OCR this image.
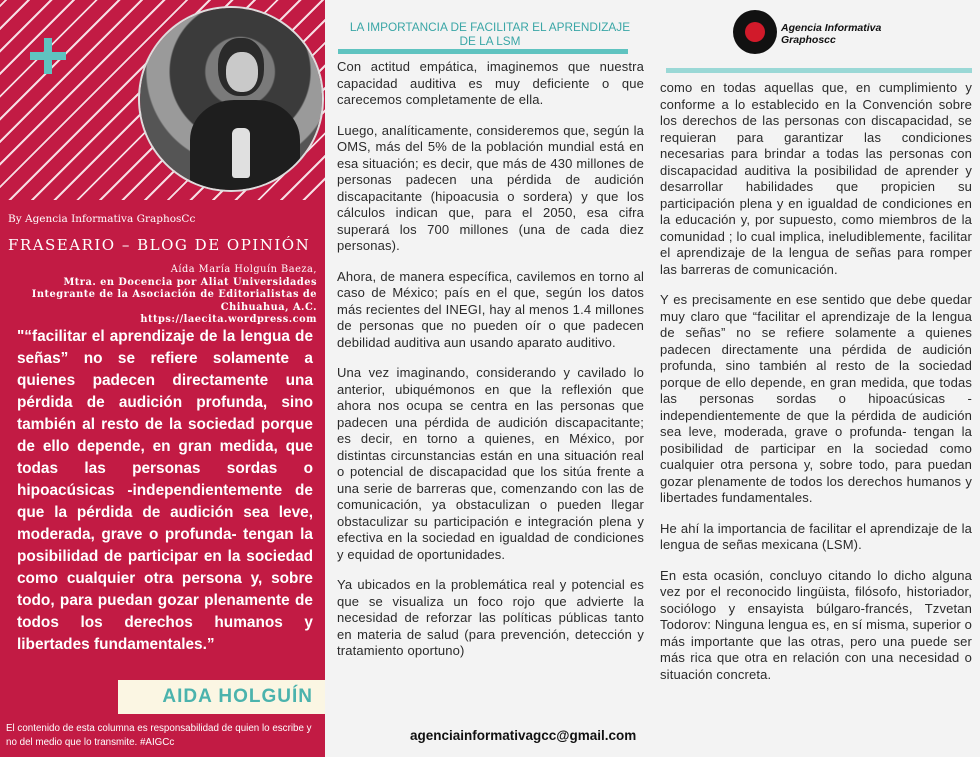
By Agencia Informativa GraphosCc
FRASEARIO – BLOG DE OPINIÓN
Aída María Holguín Baeza,
Mtra. en Docencia por Aliat Universidades
Integrante de la Asociación de Editorialistas de
Chihuahua, A.C.
https://laecita.wordpress.com
"“facilitar el aprendizaje de la lengua de señas” no se refiere solamente a quienes padecen directamente una pérdida de audición profunda, sino también al resto de la sociedad porque de ello depende, en gran medida, que todas las personas sordas o hipoacúsicas -independientemente de que la pérdida de audición sea leve, moderada, grave o profunda- tengan la posibilidad de participar en la sociedad como cualquier otra persona y, sobre todo, para puedan gozar plenamente de todos los derechos humanos y libertades fundamentales.”
AIDA HOLGUÍN
El contenido de esta columna es responsabilidad de quien lo escribe y no del medio que lo transmite. #AIGCc
LA IMPORTANCIA DE FACILITAR EL APRENDIZAJE DE LA LSM

Con actitud empática, imaginemos que nuestra capacidad auditiva es muy deficiente o que carecemos completamente de ella.

Luego, analíticamente, consideremos que, según la OMS, más del 5% de la población mundial está en esa situación; es decir, que más de 430 millones de personas padecen una pérdida de audición discapacitante (hipoacusia o sordera) y que los cálculos indican que, para el 2050, esa cifra superará los 700 millones (una de cada diez personas).

Ahora, de manera específica, cavilemos en torno al caso de México; país en el que, según los datos más recientes del INEGI, hay al menos 1.4 millones de personas que no pueden oír o que padecen debilidad auditiva aun usando aparato auditivo.

Una vez imaginando, considerando y cavilado lo anterior, ubiquémonos en que la reflexión que ahora nos ocupa se centra en las personas que padecen una pérdida de audición discapacitante; es decir, en torno a quienes, en México, por distintas circunstancias están en una situación real o potencial de discapacidad que los sitúa frente a una serie de barreras que, comenzando con las de comunicación, ya obstaculizan o pueden llegar obstaculizar su participación e integración plena y efectiva en la sociedad en igualdad de condiciones y equidad de oportunidades.

Ya ubicados en la problemática real y potencial es que se visualiza un foco rojo que advierte la necesidad de reforzar las políticas públicas tanto en materia de salud (para prevención, detección y tratamiento oportuno)

Agencia Informativa
Graphoscc

como en todas aquellas que, en cumplimiento y conforme a lo establecido en la Convención sobre los derechos de las personas con discapacidad, se requieran para garantizar las condiciones necesarias para brindar a todas las personas con discapacidad auditiva la posibilidad de aprender y desarrollar habilidades que propicien su participación plena y en igualdad de condiciones en la educación y, por supuesto, como miembros de la comunidad ; lo cual implica, ineludiblemente, facilitar el aprendizaje de la lengua de señas para romper las barreras de comunicación.

Y es precisamente en ese sentido que debe quedar muy claro que “facilitar el aprendizaje de la lengua de señas” no se refiere solamente a quienes padecen directamente una pérdida de audición profunda, sino también al resto de la sociedad porque de ello depende, en gran medida, que todas las personas sordas o hipoacúsicas -independientemente de que la pérdida de audición sea leve, moderada, grave o profunda- tengan la posibilidad de participar en la sociedad como cualquier otra persona y, sobre todo, para puedan gozar plenamente de todos los derechos humanos y libertades fundamentales.

He ahí la importancia de facilitar el aprendizaje de la lengua de señas mexicana (LSM).

En esta ocasión, concluyo citando lo dicho alguna vez por el reconocido lingüista, filósofo, historiador, sociólogo y ensayista búlgaro-francés, Tzvetan Todorov: Ninguna lengua es, en sí misma, superior o más importante que las otras, pero una puede ser más rica que otra en relación con una necesidad o situación concreta.

agenciainformativagcc@gmail.com
